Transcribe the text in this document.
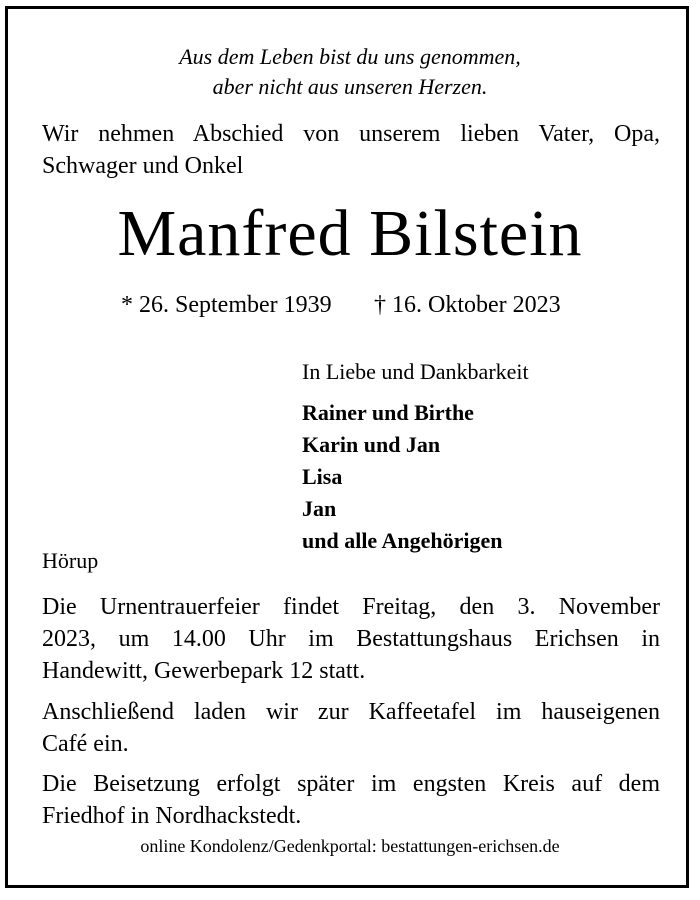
Aus dem Leben bist du uns genommen,
aber nicht aus unseren Herzen.
Wir nehmen Abschied von unserem lieben Vater, Opa,
Schwager und Onkel
Manfred Bilstein
* 26. September 1939 † 16. Oktober 2023
In Liebe und Dankbarkeit
Rainer und Birthe
Karin und Jan
Lisa
Jan
und alle Angehörigen
Hörup
Die Urnentrauerfeier findet Freitag, den 3. November
2023, um 14.00 Uhr im Bestattungshaus Erichsen in
Handewitt, Gewerbepark 12 statt.
Anschließend laden wir zur Kaffeetafel im hauseigenen
Café ein.
Die Beisetzung erfolgt später im engsten Kreis auf dem
Friedhof in Nordhackstedt.
online Kondolenz/Gedenkportal: bestattungen-erichsen.de
